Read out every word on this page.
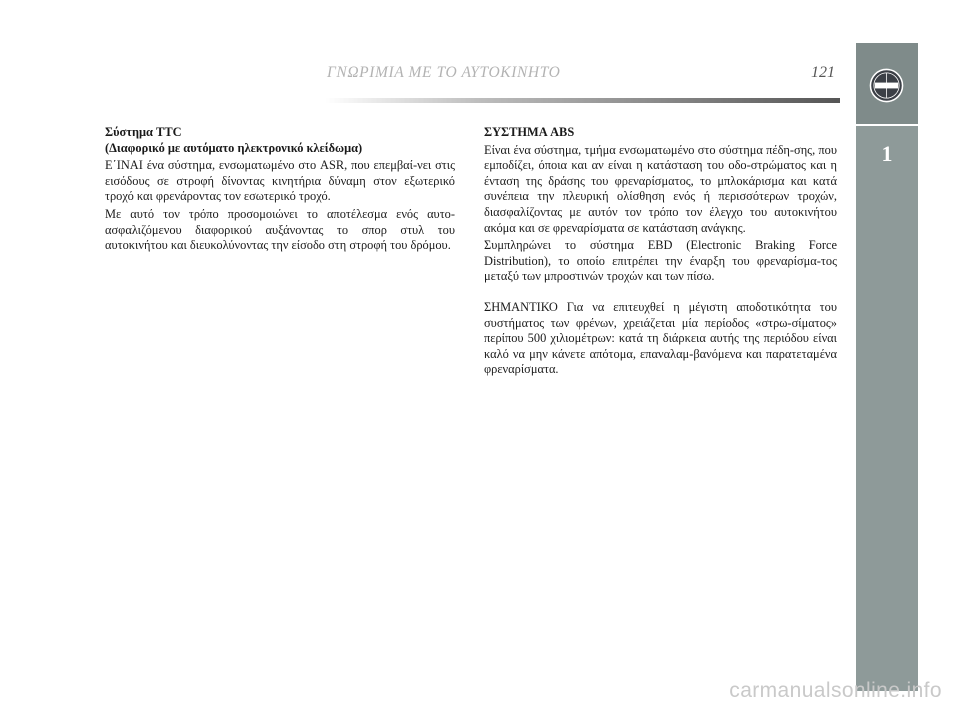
ΓΝΩΡΙΜΙΑ ΜΕ ΤΟ ΑΥΤΟΚΙΝΗΤΟ	121
1
Σύστημα TTC
(Διαφορικό με αυτόματο ηλεκτρονικό κλείδωμα)
Ε΄ΙΝΑΙ ένα σύστημα, ενσωματωμένο στο ASR, που επεμβαί-νει στις εισόδους σε στροφή δίνοντας κινητήρια δύναμη στον εξωτερικό τροχό και φρενάροντας τον εσωτερικό τροχό.
Με αυτό τον τρόπο προσομοιώνει το αποτέλεσμα ενός αυτο-ασφαλιζόμενου διαφορικού αυξάνοντας το σπορ στυλ του αυτοκινήτου και διευκολύνοντας την είσοδο στη στροφή του δρόμου.
ΣΥΣΤΗΜΑ ABS
Είναι ένα σύστημα, τμήμα ενσωματωμένο στο σύστημα πέδη-σης, που εμποδίζει, όποια και αν είναι η κατάσταση του οδο-στρώματος και η ένταση της δράσης του φρεναρίσματος, το μπλοκάρισμα και κατά συνέπεια την πλευρική ολίσθηση ενός ή περισσότερων τροχών, διασφαλίζοντας με αυτόν τον τρόπο τον έλεγχο του αυτοκινήτου ακόμα και σε φρεναρίσματα σε κατάσταση ανάγκης.
Συμπληρώνει το σύστημα EBD (Electronic Braking Force Distribution), το οποίο επιτρέπει την έναρξη του φρεναρίσμα-τος μεταξύ των μπροστινών τροχών και των πίσω.
ΣΗΜΑΝΤΙΚΟ Για να επιτευχθεί η μέγιστη αποδοτικότητα του συστήματος των φρένων, χρειάζεται μία περίοδος «στρω-σίματος» περίπου 500 χιλιομέτρων: κατά τη διάρκεια αυτής της περιόδου είναι καλό να μην κάνετε απότομα, επαναλαμ-βανόμενα και παρατεταμένα φρεναρίσματα.
carmanualsonline.info
